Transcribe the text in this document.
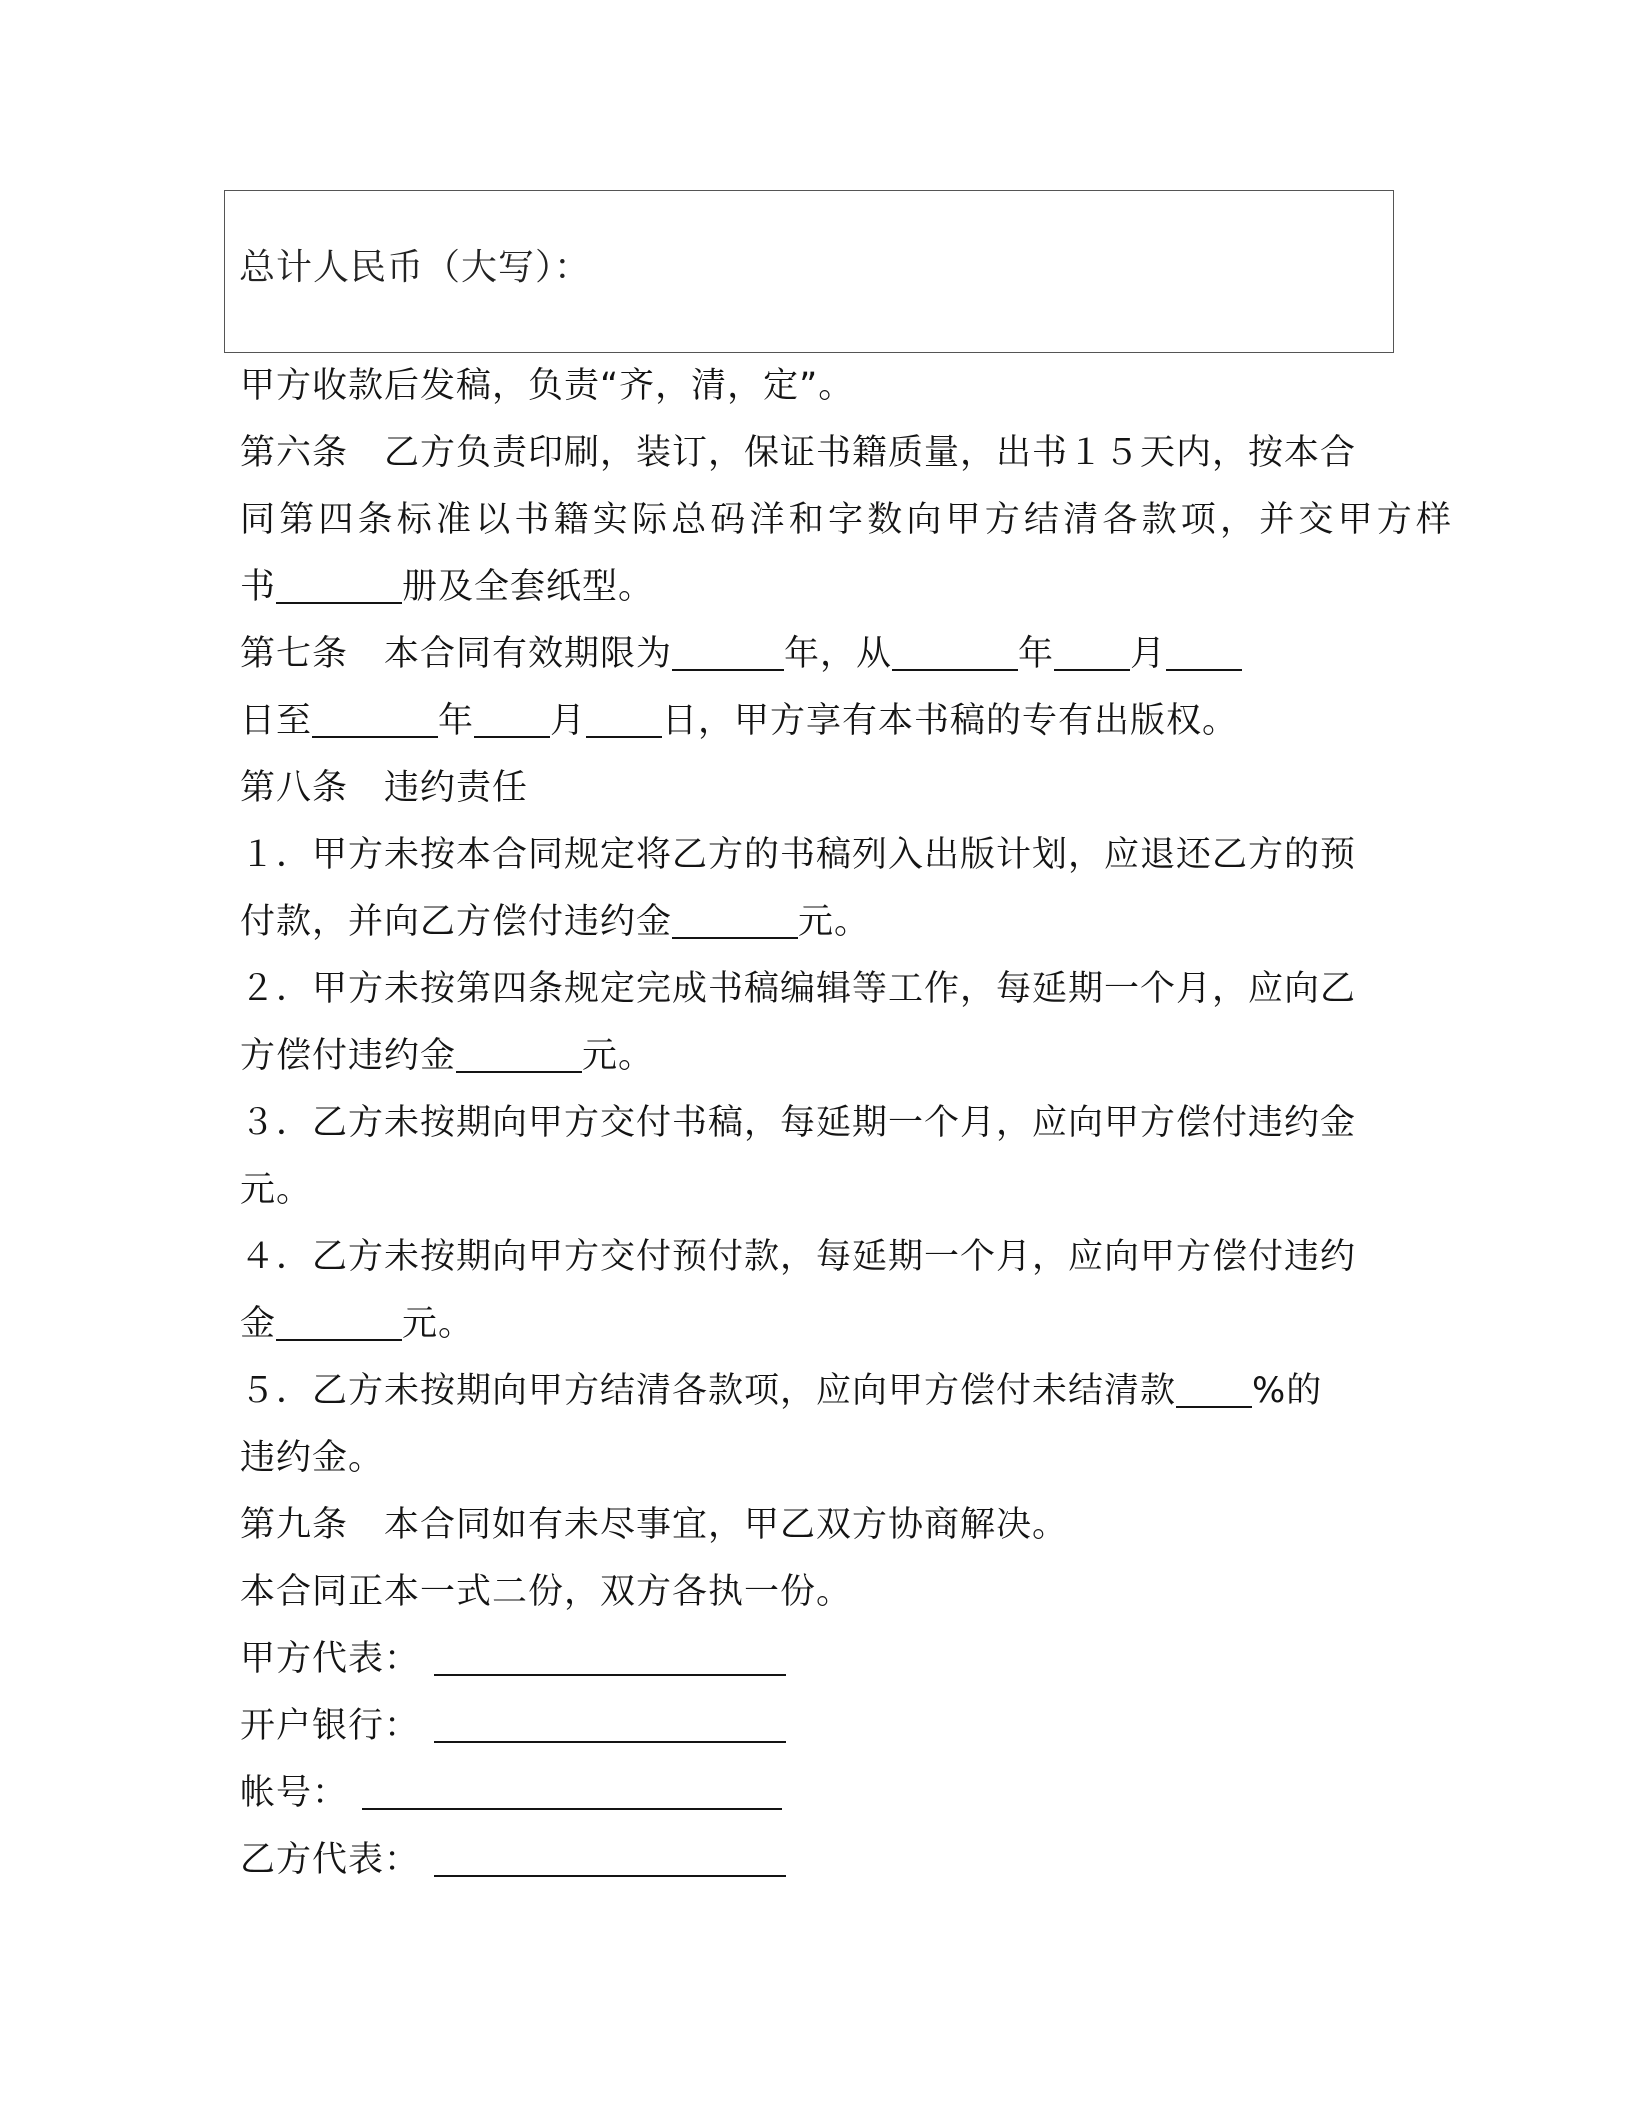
总计人民币（大写）：
甲方收款后发稿，负责“齐，清，定”。
第六条 乙方负责印刷，装订，保证书籍质量，出书１５天内，按本合
同第四条标准以书籍实际总码洋和字数向甲方结清各款项，并交甲方样
书	册及全套纸型。
第七条 本合同有效期限为	年，从	年 月
日至	年 月 日，甲方享有本书稿的专有出版权。
第八条 违约责任
１．甲方未按本合同规定将乙方的书稿列入出版计划，应退还乙方的预
付款，并向乙方偿付违约金	元。
２．甲方未按第四条规定完成书稿编辑等工作，每延期一个月，应向乙
方偿付违约金	元。
３．乙方未按期向甲方交付书稿，每延期一个月，应向甲方偿付违约金
元。
４．乙方未按期向甲方交付预付款，每延期一个月，应向甲方偿付违约
金	元。
５．乙方未按期向甲方结清各款项，应向甲方偿付未结清款 %的
违约金。
第九条 本合同如有未尽事宜，甲乙双方协商解决。
本合同正本一式二份，双方各执一份。
甲方代表：
开户银行：
帐号：
乙方代表：
